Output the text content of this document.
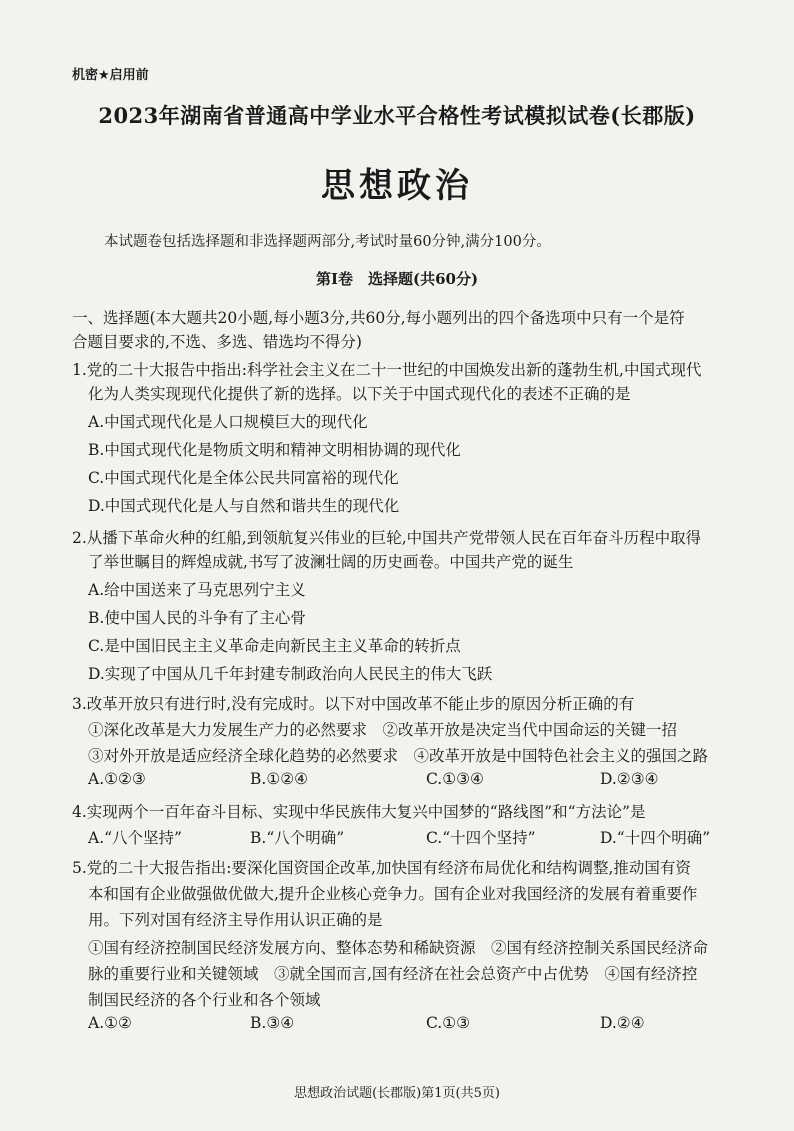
机密★启用前
2023年湖南省普通高中学业水平合格性考试模拟试卷(长郡版)
思想政治
本试题卷包括选择题和非选择题两部分,考试时量60分钟,满分100分。
第Ⅰ卷　选择题(共60分)
一、选择题(本大题共20小题,每小题3分,共60分,每小题列出的四个备选项中只有一个是符
合题目要求的,不选、多选、错选均不得分)
1.党的二十大报告中指出:科学社会主义在二十一世纪的中国焕发出新的蓬勃生机,中国式现代
化为人类实现现代化提供了新的选择。以下关于中国式现代化的表述不正确的是
A.中国式现代化是人口规模巨大的现代化
B.中国式现代化是物质文明和精神文明相协调的现代化
C.中国式现代化是全体公民共同富裕的现代化
D.中国式现代化是人与自然和谐共生的现代化
2.从播下革命火种的红船,到领航复兴伟业的巨轮,中国共产党带领人民在百年奋斗历程中取得
了举世瞩目的辉煌成就,书写了波澜壮阔的历史画卷。中国共产党的诞生
A.给中国送来了马克思列宁主义
B.使中国人民的斗争有了主心骨
C.是中国旧民主主义革命走向新民主主义革命的转折点
D.实现了中国从几千年封建专制政治向人民民主的伟大飞跃
3.改革开放只有进行时,没有完成时。以下对中国改革不能止步的原因分析正确的有
①深化改革是大力发展生产力的必然要求　②改革开放是决定当代中国命运的关键一招
③对外开放是适应经济全球化趋势的必然要求　④改革开放是中国特色社会主义的强国之路
A.①②③	B.①②④	C.①③④	D.②③④
4.实现两个一百年奋斗目标、实现中华民族伟大复兴中国梦的“路线图”和“方法论”是
A.“八个坚持”	B.“八个明确”	C.“十四个坚持”	D.“十四个明确”
5.党的二十大报告指出:要深化国资国企改革,加快国有经济布局优化和结构调整,推动国有资
本和国有企业做强做优做大,提升企业核心竞争力。国有企业对我国经济的发展有着重要作
用。下列对国有经济主导作用认识正确的是
①国有经济控制国民经济发展方向、整体态势和稀缺资源　②国有经济控制关系国民经济命
脉的重要行业和关键领域　③就全国而言,国有经济在社会总资产中占优势　④国有经济控
制国民经济的各个行业和各个领域
A.①②	B.③④	C.①③	D.②④
思想政治试题(长郡版)第1页(共5页)
